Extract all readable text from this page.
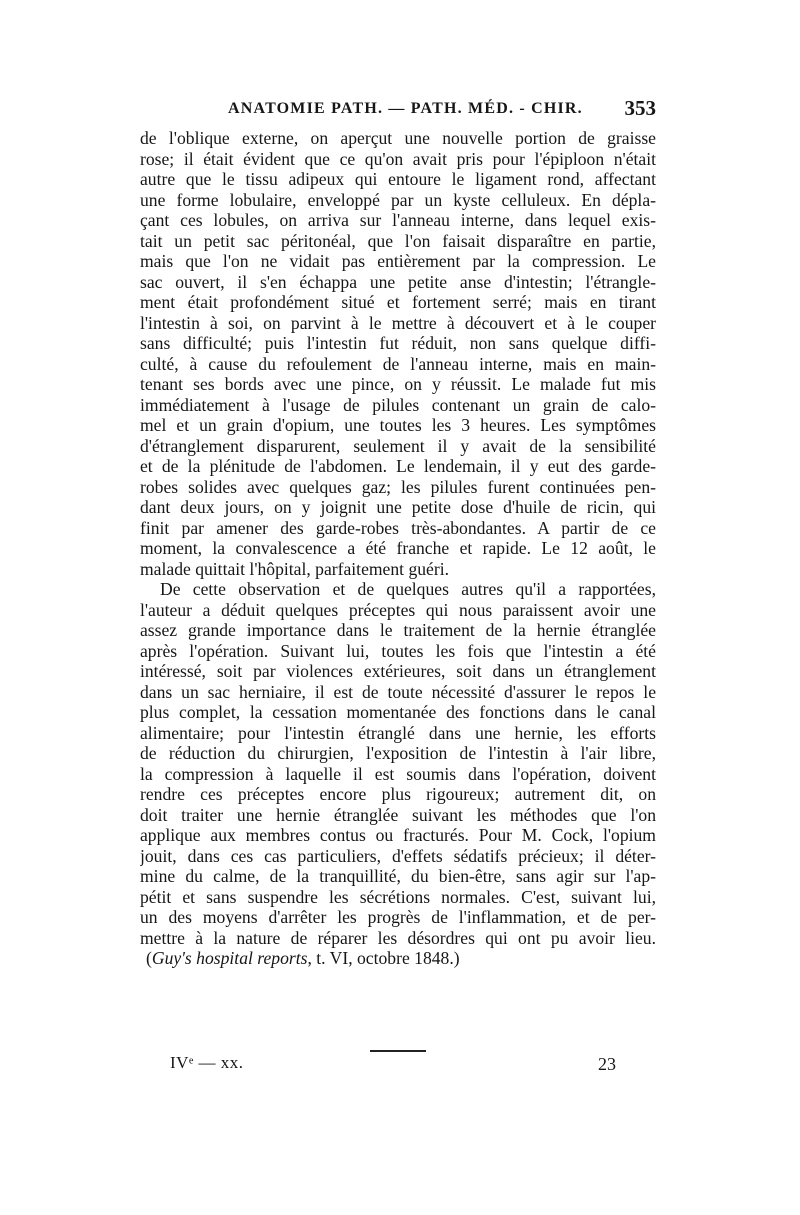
ANATOMIE PATH. — PATH. MÉD. - CHIR. 353
de l'oblique externe, on aperçut une nouvelle portion de graisse
rose; il était évident que ce qu'on avait pris pour l'épiploon n'était
autre que le tissu adipeux qui entoure le ligament rond, affectant
une forme lobulaire, enveloppé par un kyste celluleux. En dépla-
çant ces lobules, on arriva sur l'anneau interne, dans lequel exis-
tait un petit sac péritonéal, que l'on faisait disparaître en partie,
mais que l'on ne vidait pas entièrement par la compression. Le
sac ouvert, il s'en échappa une petite anse d'intestin; l'étrangle-
ment était profondément situé et fortement serré; mais en tirant
l'intestin à soi, on parvint à le mettre à découvert et à le couper
sans difficulté; puis l'intestin fut réduit, non sans quelque diffi-
culté, à cause du refoulement de l'anneau interne, mais en main-
tenant ses bords avec une pince, on y réussit. Le malade fut mis
immédiatement à l'usage de pilules contenant un grain de calo-
mel et un grain d'opium, une toutes les 3 heures. Les symptômes
d'étranglement disparurent, seulement il y avait de la sensibilité
et de la plénitude de l'abdomen. Le lendemain, il y eut des garde-
robes solides avec quelques gaz; les pilules furent continuées pen-
dant deux jours, on y joignit une petite dose d'huile de ricin, qui
finit par amener des garde-robes très-abondantes. A partir de ce
moment, la convalescence a été franche et rapide. Le 12 août, le
malade quittait l'hôpital, parfaitement guéri.
De cette observation et de quelques autres qu'il a rapportées,
l'auteur a déduit quelques préceptes qui nous paraissent avoir une
assez grande importance dans le traitement de la hernie étranglée
après l'opération. Suivant lui, toutes les fois que l'intestin a été
intéressé, soit par violences extérieures, soit dans un étranglement
dans un sac herniaire, il est de toute nécessité d'assurer le repos le
plus complet, la cessation momentanée des fonctions dans le canal
alimentaire; pour l'intestin étranglé dans une hernie, les efforts
de réduction du chirurgien, l'exposition de l'intestin à l'air libre,
la compression à laquelle il est soumis dans l'opération, doivent
rendre ces préceptes encore plus rigoureux; autrement dit, on
doit traiter une hernie étranglée suivant les méthodes que l'on
applique aux membres contus ou fracturés. Pour M. Cock, l'opium
jouit, dans ces cas particuliers, d'effets sédatifs précieux; il déter-
mine du calme, de la tranquillité, du bien-être, sans agir sur l'ap-
pétit et sans suspendre les sécrétions normales. C'est, suivant lui,
un des moyens d'arrêter les progrès de l'inflammation, et de per-
mettre à la nature de réparer les désordres qui ont pu avoir lieu.
(Guy's hospital reports, t. VI, octobre 1848.)
IVᵉ — xx.	23
